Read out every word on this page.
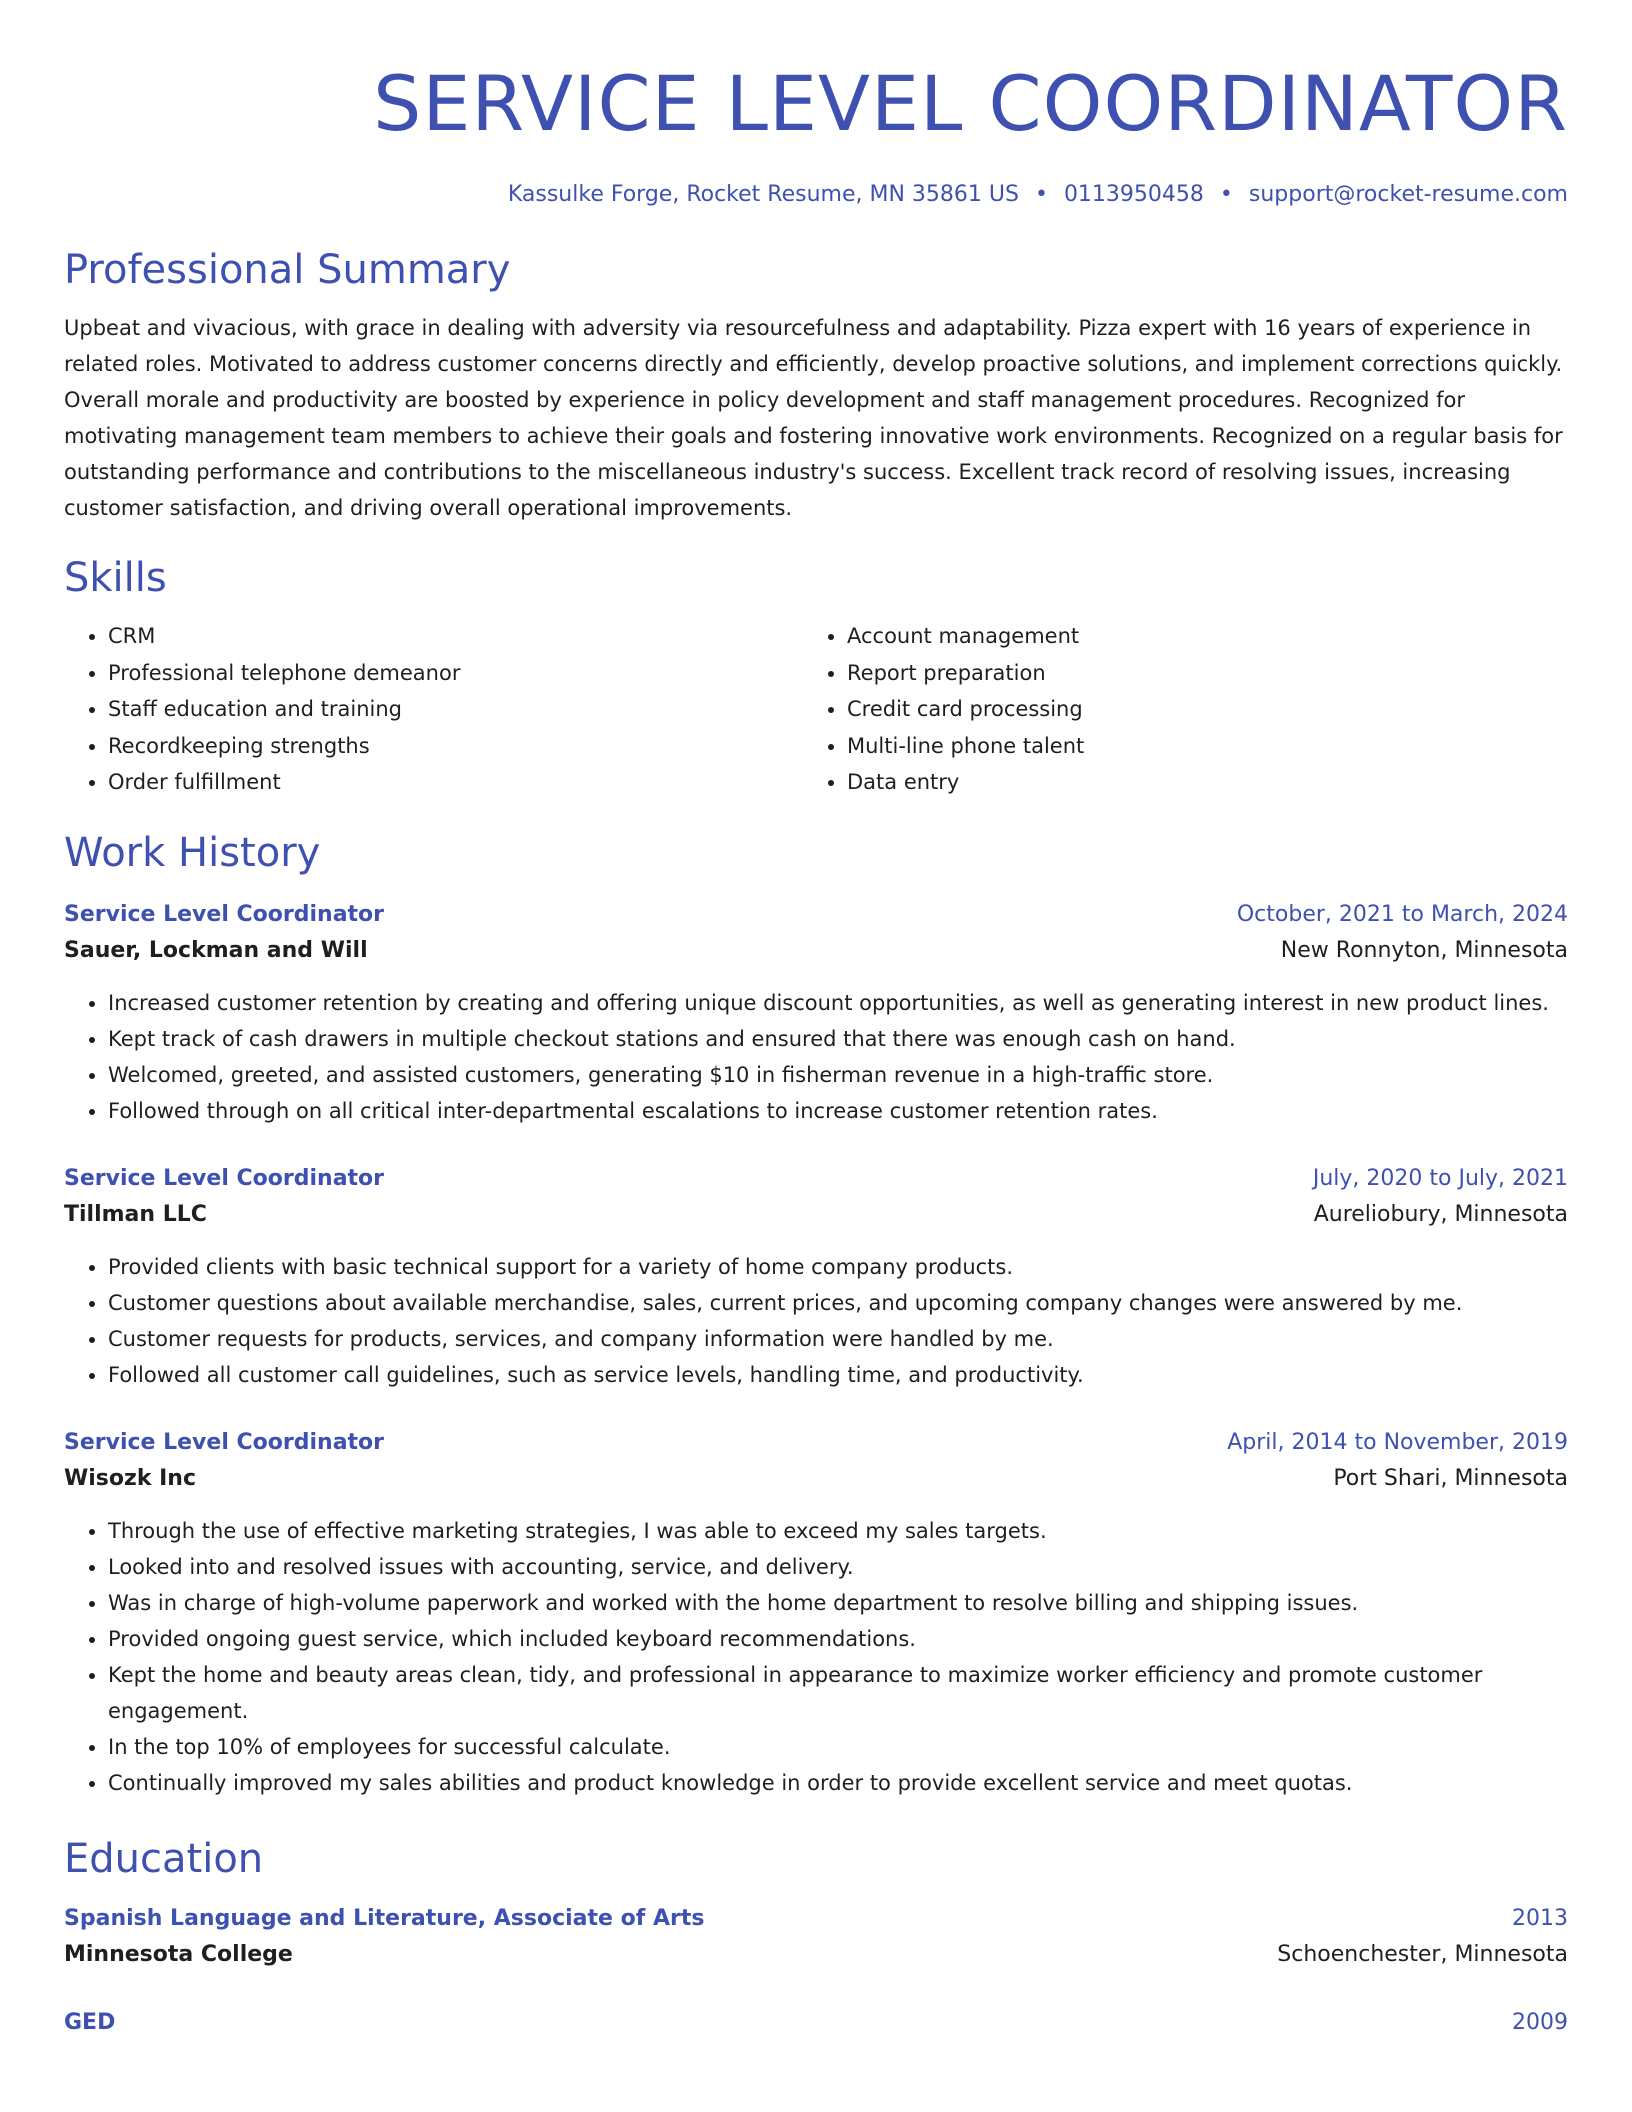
SERVICE LEVEL COORDINATOR
Kassulke Forge, Rocket Resume, MN 35861 US • 0113950458 • support@rocket-resume.com
Professional Summary

Upbeat and vivacious, with grace in dealing with adversity via resourcefulness and adaptability. Pizza expert with 16 years of experience in related roles. Motivated to address customer concerns directly and efficiently, develop proactive solutions, and implement corrections quickly. Overall morale and productivity are boosted by experience in policy development and staff management procedures. Recognized for motivating management team members to achieve their goals and fostering innovative work environments. Recognized on a regular basis for outstanding performance and contributions to the miscellaneous industry's success. Excellent track record of resolving issues, increasing customer satisfaction, and driving overall operational improvements.

Skills
• CRM
• Professional telephone demeanor
• Staff education and training
• Recordkeeping strengths
• Order fulfillment
• Account management
• Report preparation
• Credit card processing
• Multi-line phone talent
• Data entry
Work History
Service Level Coordinator	October, 2021 to March, 2024
Sauer, Lockman and Will	New Ronnyton, Minnesota
• Increased customer retention by creating and offering unique discount opportunities, as well as generating interest in new product lines.
• Kept track of cash drawers in multiple checkout stations and ensured that there was enough cash on hand.
• Welcomed, greeted, and assisted customers, generating $10 in fisherman revenue in a high-traffic store.
• Followed through on all critical inter-departmental escalations to increase customer retention rates.
Service Level Coordinator	July, 2020 to July, 2021
Tillman LLC	Aureliobury, Minnesota
• Provided clients with basic technical support for a variety of home company products.
• Customer questions about available merchandise, sales, current prices, and upcoming company changes were answered by me.
• Customer requests for products, services, and company information were handled by me.
• Followed all customer call guidelines, such as service levels, handling time, and productivity.
Service Level Coordinator	April, 2014 to November, 2019
Wisozk Inc	Port Shari, Minnesota
• Through the use of effective marketing strategies, I was able to exceed my sales targets.
• Looked into and resolved issues with accounting, service, and delivery.
• Was in charge of high-volume paperwork and worked with the home department to resolve billing and shipping issues.
• Provided ongoing guest service, which included keyboard recommendations.
• Kept the home and beauty areas clean, tidy, and professional in appearance to maximize worker efficiency and promote customer engagement.
• In the top 10% of employees for successful calculate.
• Continually improved my sales abilities and product knowledge in order to provide excellent service and meet quotas.
Education
Spanish Language and Literature, Associate of Arts	2013
Minnesota College	Schoenchester, Minnesota
GED	2009
